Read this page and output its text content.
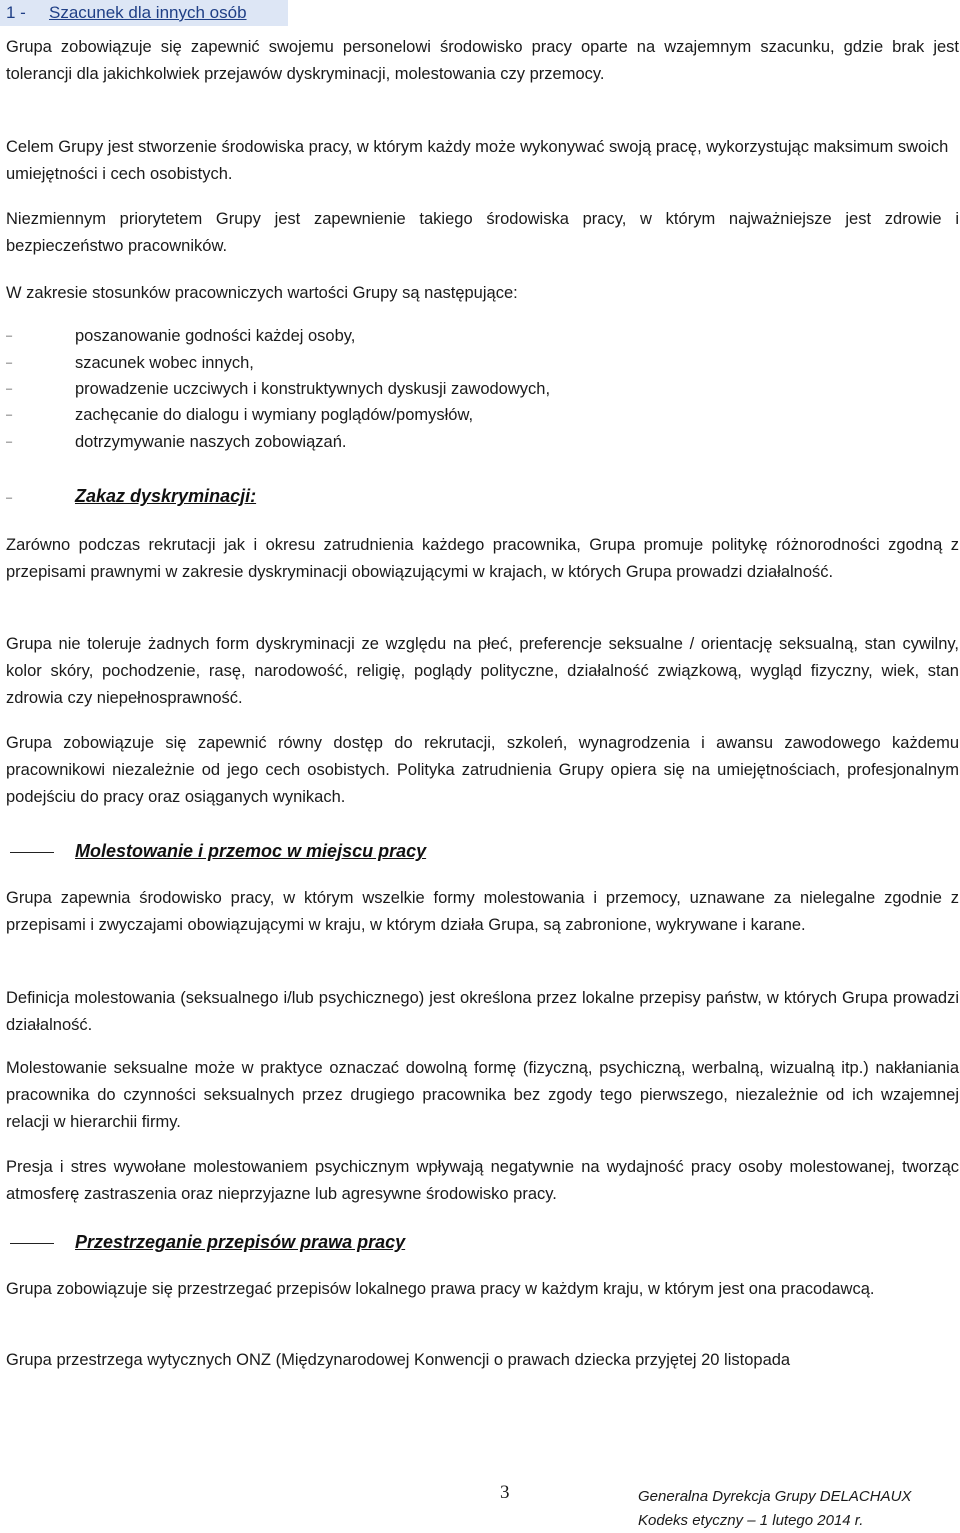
1 - Szacunek dla innych osób

Grupa zobowiązuje się zapewnić swojemu personelowi środowisko pracy oparte na wzajemnym szacunku, gdzie brak jest tolerancji dla jakichkolwiek przejawów dyskryminacji, molestowania czy przemocy.

Celem Grupy jest stworzenie środowiska pracy, w którym każdy może wykonywać swoją pracę, wykorzystując maksimum swoich umiejętności i cech osobistych.

Niezmiennym priorytetem Grupy jest zapewnienie takiego środowiska pracy, w którym najważniejsze jest zdrowie i bezpieczeństwo pracowników.

W zakresie stosunków pracowniczych wartości Grupy są następujące:

–	poszanowanie godności każdej osoby,
–	szacunek wobec innych,
–	prowadzenie uczciwych i konstruktywnych dyskusji zawodowych,
–	zachęcanie do dialogu i wymiany poglądów/pomysłów,
–	dotrzymywanie naszych zobowiązań.
–	Zakaz dyskryminacji:

Zarówno podczas rekrutacji jak i okresu zatrudnienia każdego pracownika, Grupa promuje politykę różnorodności zgodną z przepisami prawnymi w zakresie dyskryminacji obowiązującymi w krajach, w których Grupa prowadzi działalność.

Grupa nie toleruje żadnych form dyskryminacji ze względu na płeć, preferencje seksualne / orientację seksualną, stan cywilny, kolor skóry, pochodzenie, rasę, narodowość, religię, poglądy polityczne, działalność związkową, wygląd fizyczny, wiek, stan zdrowia czy niepełnosprawność.

Grupa zobowiązuje się zapewnić równy dostęp do rekrutacji, szkoleń, wynagrodzenia i awansu zawodowego każdemu pracownikowi niezależnie od jego cech osobistych. Polityka zatrudnienia Grupy opiera się na umiejętnościach, profesjonalnym podejściu do pracy oraz osiąganych wynikach.

Molestowanie i przemoc w miejscu pracy

Grupa zapewnia środowisko pracy, w którym wszelkie formy molestowania i przemocy, uznawane za nielegalne zgodnie z przepisami i zwyczajami obowiązującymi w kraju, w którym działa Grupa, są zabronione, wykrywane i karane.

Definicja molestowania (seksualnego i/lub psychicznego) jest określona przez lokalne przepisy państw, w których Grupa prowadzi działalność.

Molestowanie seksualne może w praktyce oznaczać dowolną formę (fizyczną, psychiczną, werbalną, wizualną itp.) nakłaniania pracownika do czynności seksualnych przez drugiego pracownika bez zgody tego pierwszego, niezależnie od ich wzajemnej relacji w hierarchii firmy.

Presja i stres wywołane molestowaniem psychicznym wpływają negatywnie na wydajność pracy osoby molestowanej, tworząc atmosferę zastraszenia oraz nieprzyjazne lub agresywne środowisko pracy.

Przestrzeganie przepisów prawa pracy

Grupa zobowiązuje się przestrzegać przepisów lokalnego prawa pracy w każdym kraju, w którym jest ona pracodawcą.

Grupa przestrzega wytycznych ONZ (Międzynarodowej Konwencji o prawach dziecka przyjętej 20 listopada

3	Generalna Dyrekcja Grupy DELACHAUX
Kodeks etyczny – 1 lutego 2014 r.
